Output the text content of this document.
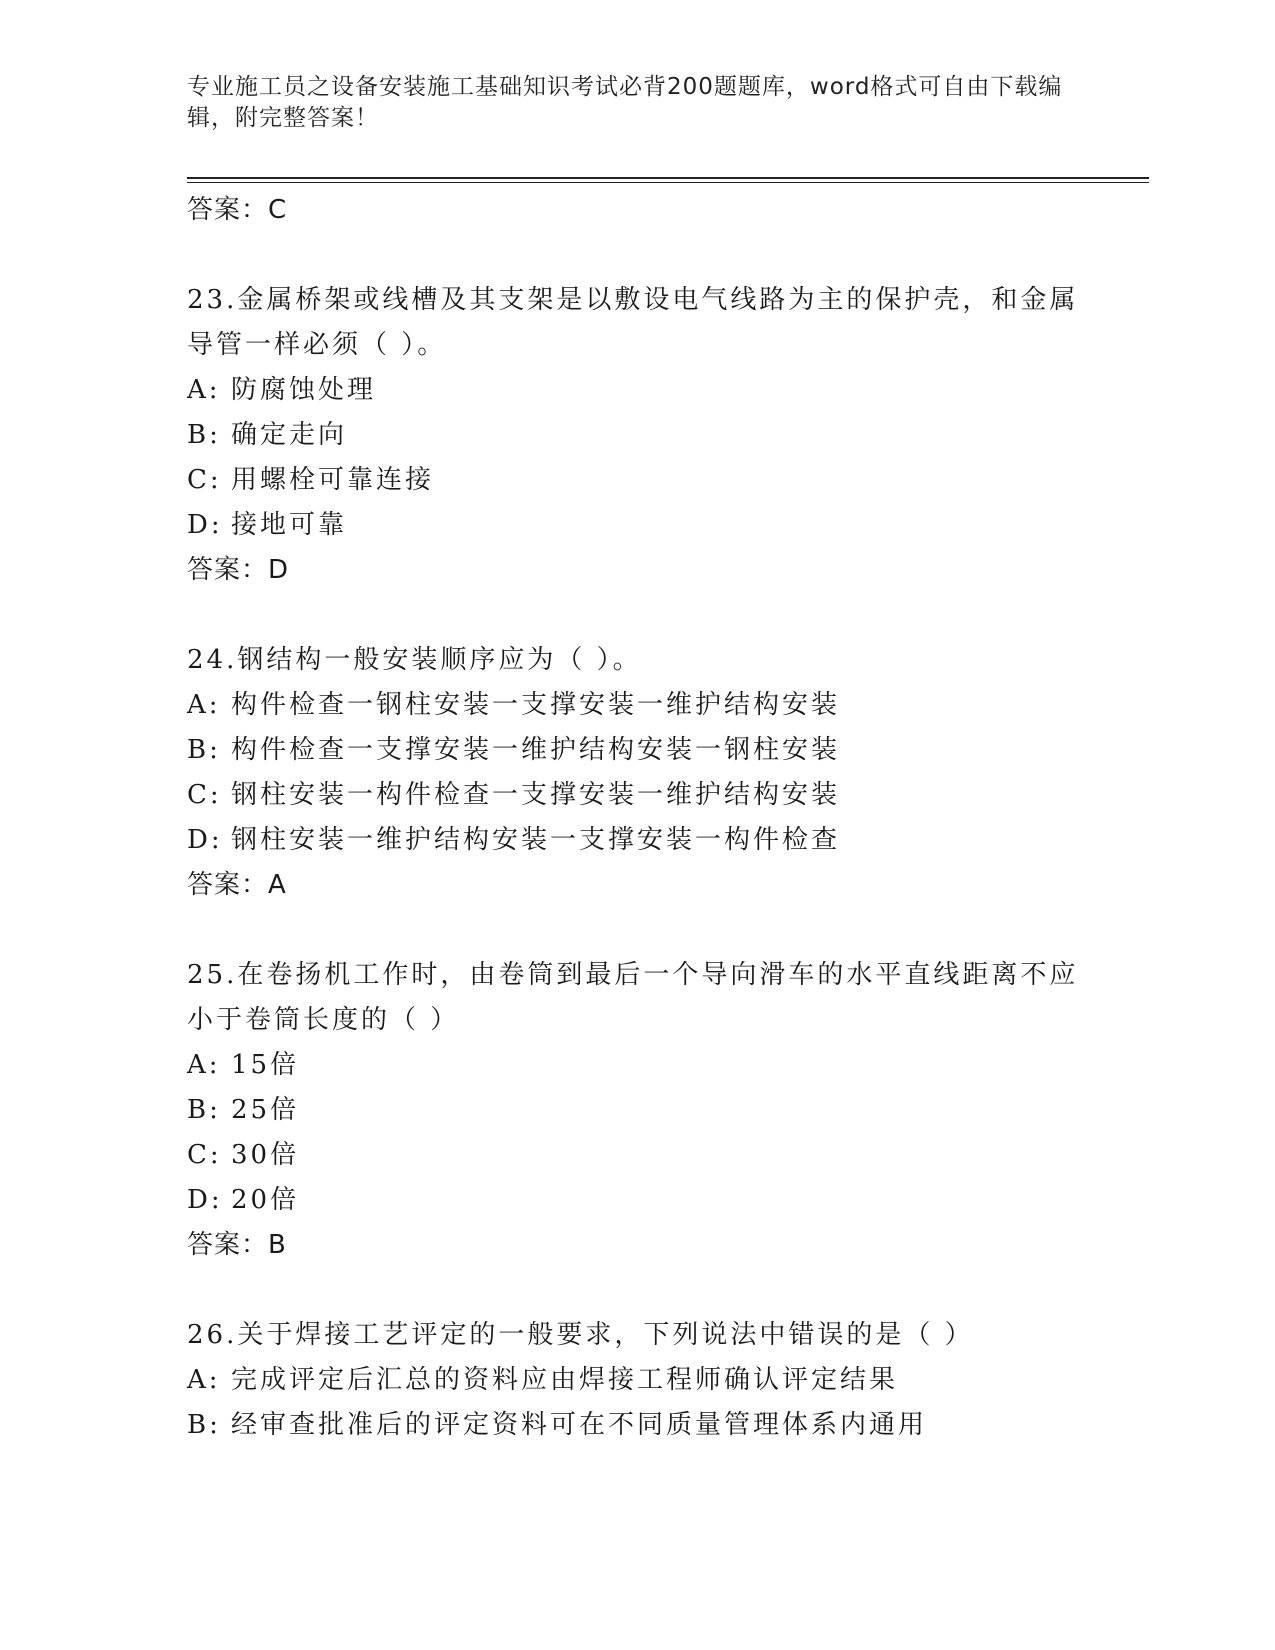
专业施工员之设备安装施工基础知识考试必背200题题库，word格式可自由下载编辑，附完整答案！
答案：C
23.金属桥架或线槽及其支架是以敷设电气线路为主的保护壳，和金属导管一样必须（ ）。
A: 防腐蚀处理
B: 确定走向
C: 用螺栓可靠连接
D: 接地可靠
答案：D
24.钢结构一般安装顺序应为（ ）。
A: 构件检查一钢柱安装一支撑安装一维护结构安装
B: 构件检查一支撑安装一维护结构安装一钢柱安装
C: 钢柱安装一构件检查一支撑安装一维护结构安装
D: 钢柱安装一维护结构安装一支撑安装一构件检查
答案：A
25.在卷扬机工作时，由卷筒到最后一个导向滑车的水平直线距离不应小于卷筒长度的（ ）
A: 15倍
B: 25倍
C: 30倍
D: 20倍
答案：B
26.关于焊接工艺评定的一般要求，下列说法中错误的是（ ）
A: 完成评定后汇总的资料应由焊接工程师确认评定结果
B: 经审查批准后的评定资料可在不同质量管理体系内通用
